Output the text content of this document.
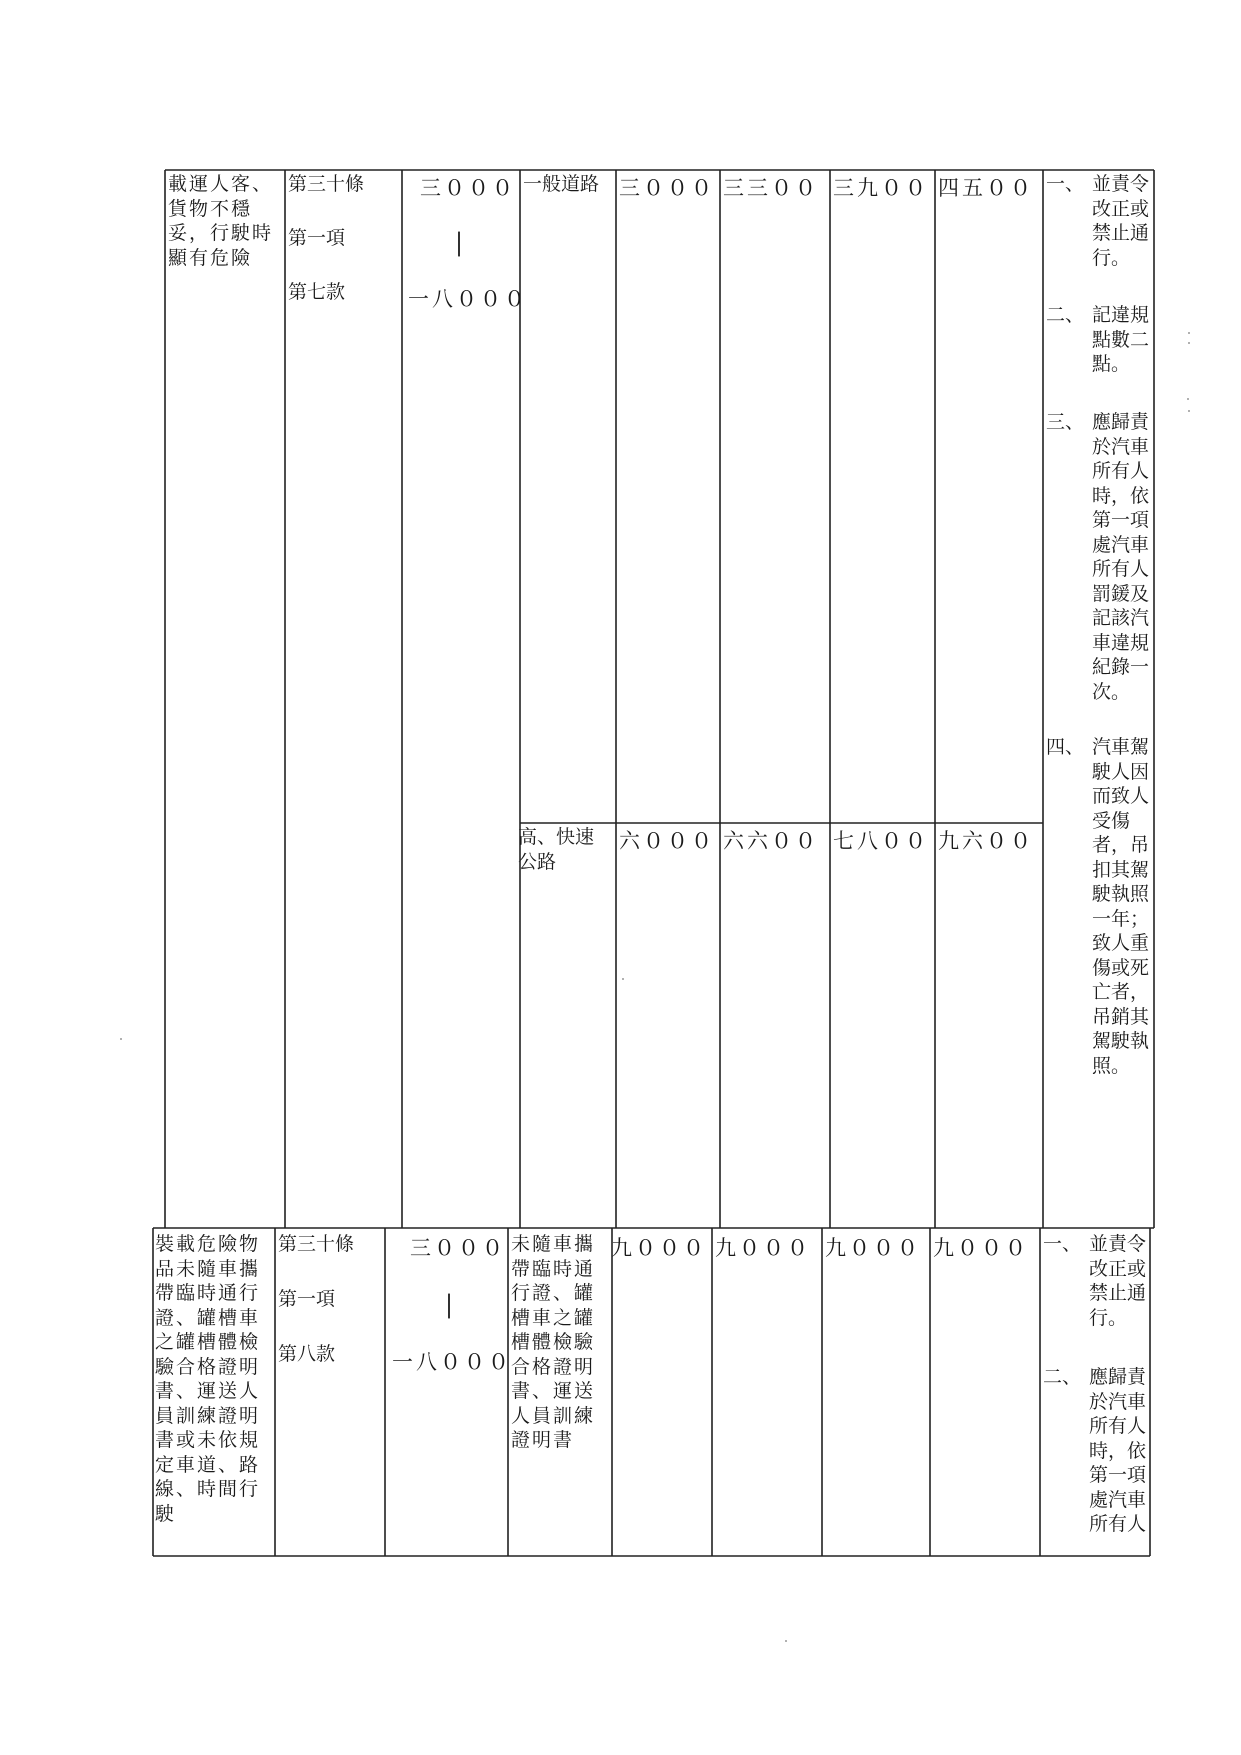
載運人客、
貨物不穩
妥，行駛時
顯有危險
第三十條
第一項
第七款
三０００
｜
一八０００
一般道路 三０００ 三三００ 三九００ 四五００
高、快速
公路
六０００ 六六００ 七八００ 九六００
一、 並責令
改正或
禁止通
行。
二、 記違規
點數二
點。
三、 應歸責
於汽車
所有人
時，依
第一項
處汽車
所有人
罰鍰及
記該汽
車違規
紀錄一
次。
四、 汽車駕
駛人因
而致人
受傷
者，吊
扣其駕
駛執照
一年；
致人重
傷或死
亡者，
吊銷其
駕駛執
照。
裝載危險物
品未隨車攜
帶臨時通行
證、罐槽車
之罐槽體檢
驗合格證明
書、運送人
員訓練證明
書或未依規
定車道、路
線、時間行
駛
第三十條
第一項
第八款
三０００
｜
一八０００
未隨車攜
帶臨時通
行證、罐
槽車之罐
槽體檢驗
合格證明
書、運送
人員訓練
證明書
九０００ 九０００ 九０００ 九０００ 一、 並責令
改正或
禁止通
行。
二、 應歸責
於汽車
所有人
時，依
第一項
處汽車
所有人
